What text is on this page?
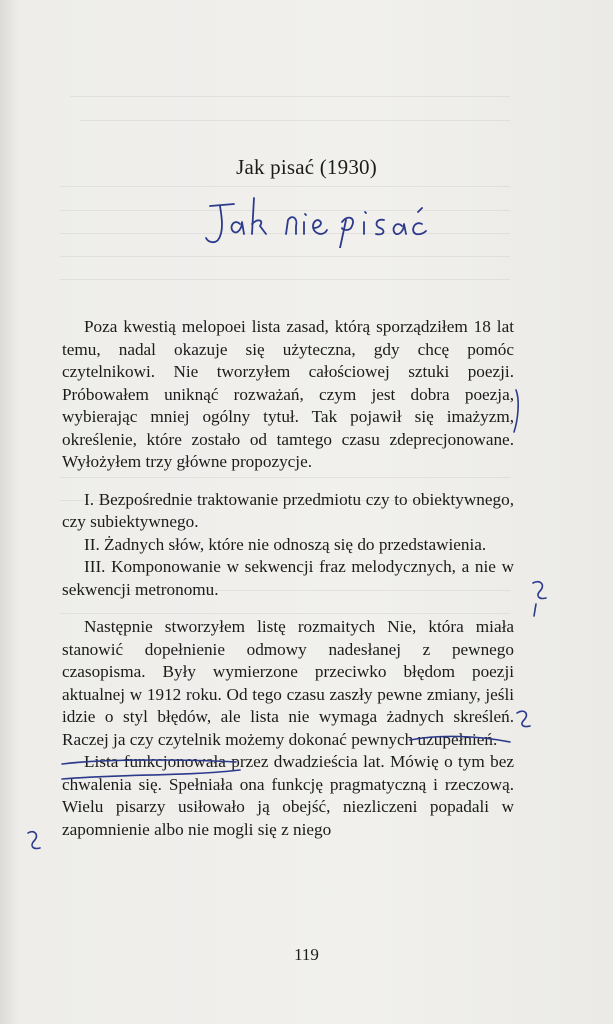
Jak pisać (1930)

Poza kwestią melopoei lista zasad, którą sporządziłem 18 lat temu, nadal okazuje się użyteczna, gdy chcę pomóc czytelnikowi. Nie tworzyłem całościowej sztuki poezji. Próbowałem uniknąć rozważań, czym jest dobra poezja, wybierając mniej ogólny tytuł. Tak pojawił się imażyzm, określenie, które zostało od tamtego czasu zdeprecjonowane. Wyłożyłem trzy główne propozycje.

I. Bezpośrednie traktowanie przedmiotu czy to obiektywnego, czy subiektywnego.

II. Żadnych słów, które nie odnoszą się do przedstawienia.

III. Komponowanie w sekwencji fraz melodycznych, a nie w sekwencji metronomu.

Następnie stworzyłem listę rozmaitych Nie, która miała stanowić dopełnienie odmowy nadesłanej z pewnego czasopisma. Były wymierzone przeciwko błędom poezji aktualnej w 1912 roku. Od tego czasu zaszły pewne zmiany, jeśli idzie o styl błędów, ale lista nie wymaga żadnych skreśleń. Raczej ja czy czytelnik możemy dokonać pewnych uzupełnień.

Lista funkcjonowała przez dwadzieścia lat. Mówię o tym bez chwalenia się. Spełniała ona funkcję pragmatyczną i rzeczową. Wielu pisarzy usiłowało ją obejść, niezliczeni popadali w zapomnienie albo nie mogli się z niego

119
